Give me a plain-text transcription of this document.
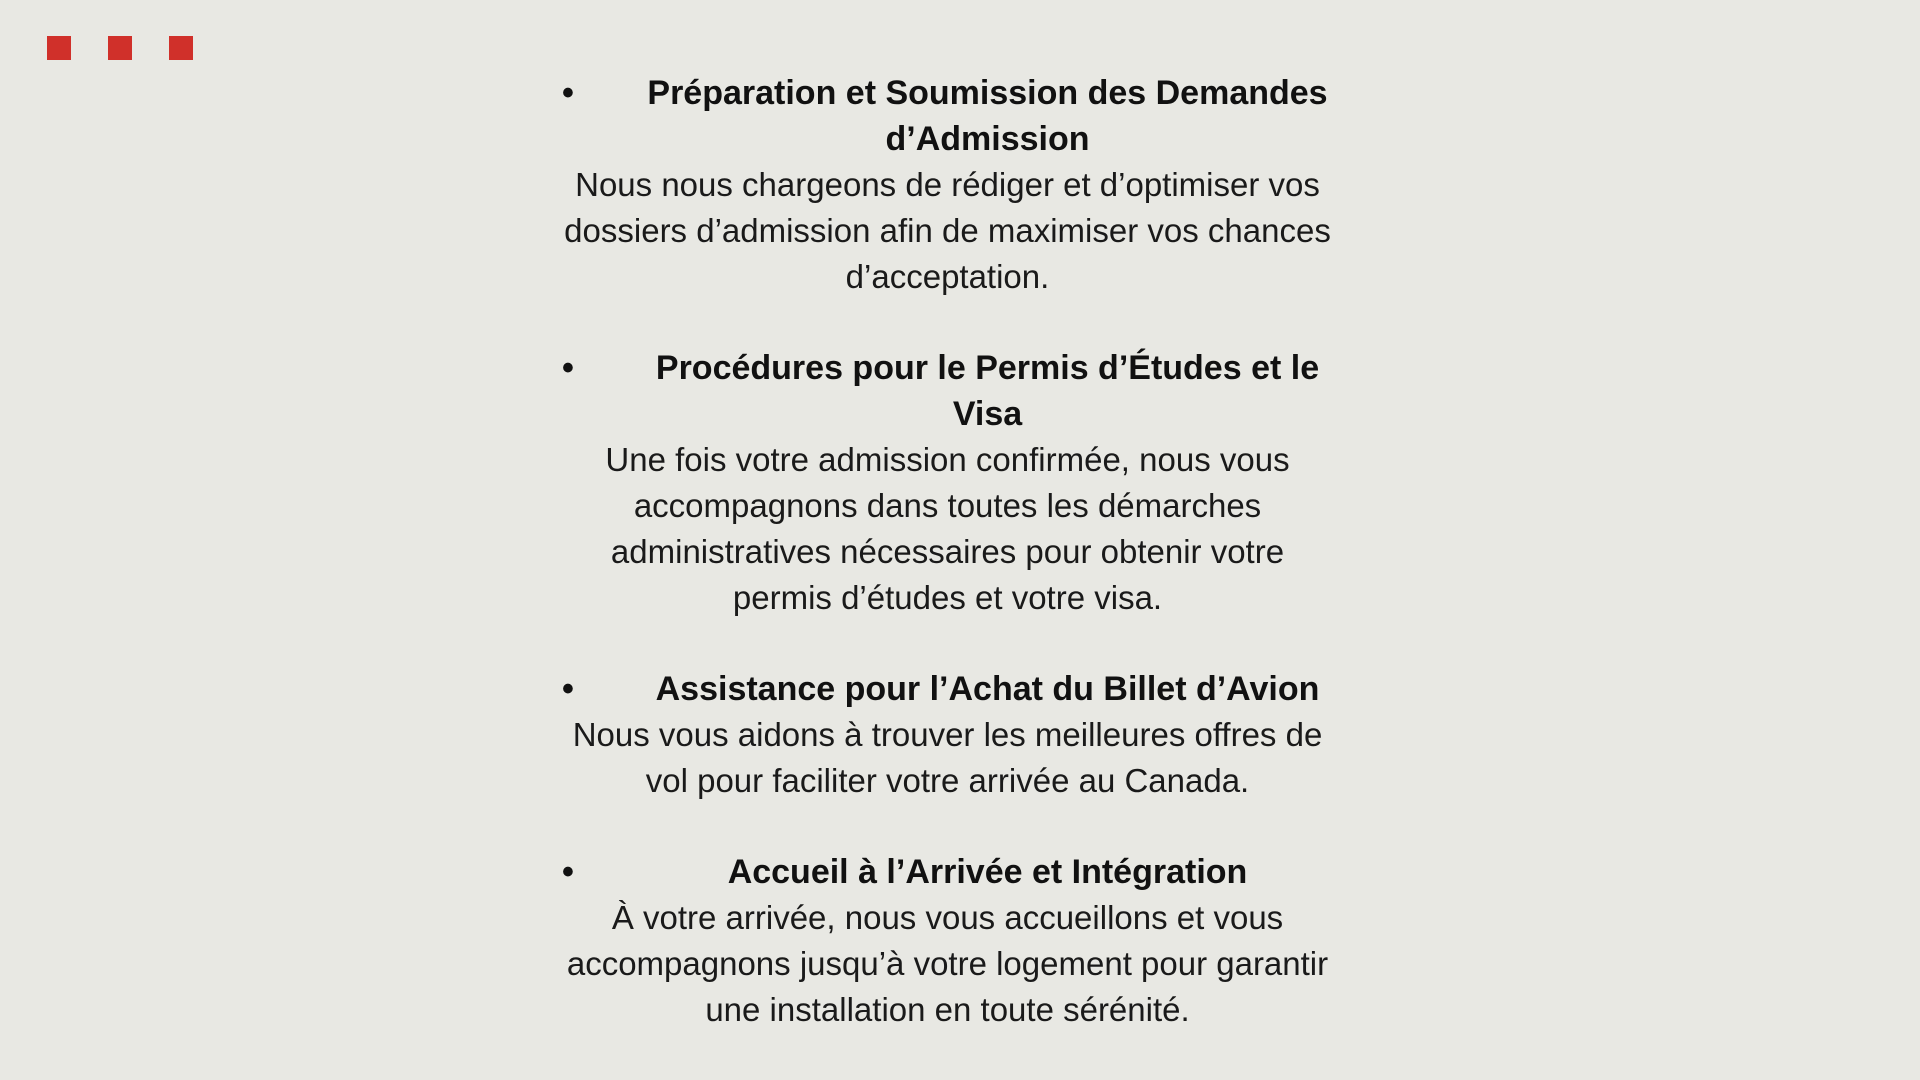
• Préparation et Soumission des Demandes d’Admission
Nous nous chargeons de rédiger et d’optimiser vos dossiers d’admission afin de maximiser vos chances d’acceptation.
• Procédures pour le Permis d’Études et le Visa
Une fois votre admission confirmée, nous vous accompagnons dans toutes les démarches administratives nécessaires pour obtenir votre permis d’études et votre visa.
• Assistance pour l’Achat du Billet d’Avion
Nous vous aidons à trouver les meilleures offres de vol pour faciliter votre arrivée au Canada.
•	Accueil à l’Arrivée et Intégration
À votre arrivée, nous vous accueillons et vous accompagnons jusqu’à votre logement pour garantir une installation en toute sérénité.
